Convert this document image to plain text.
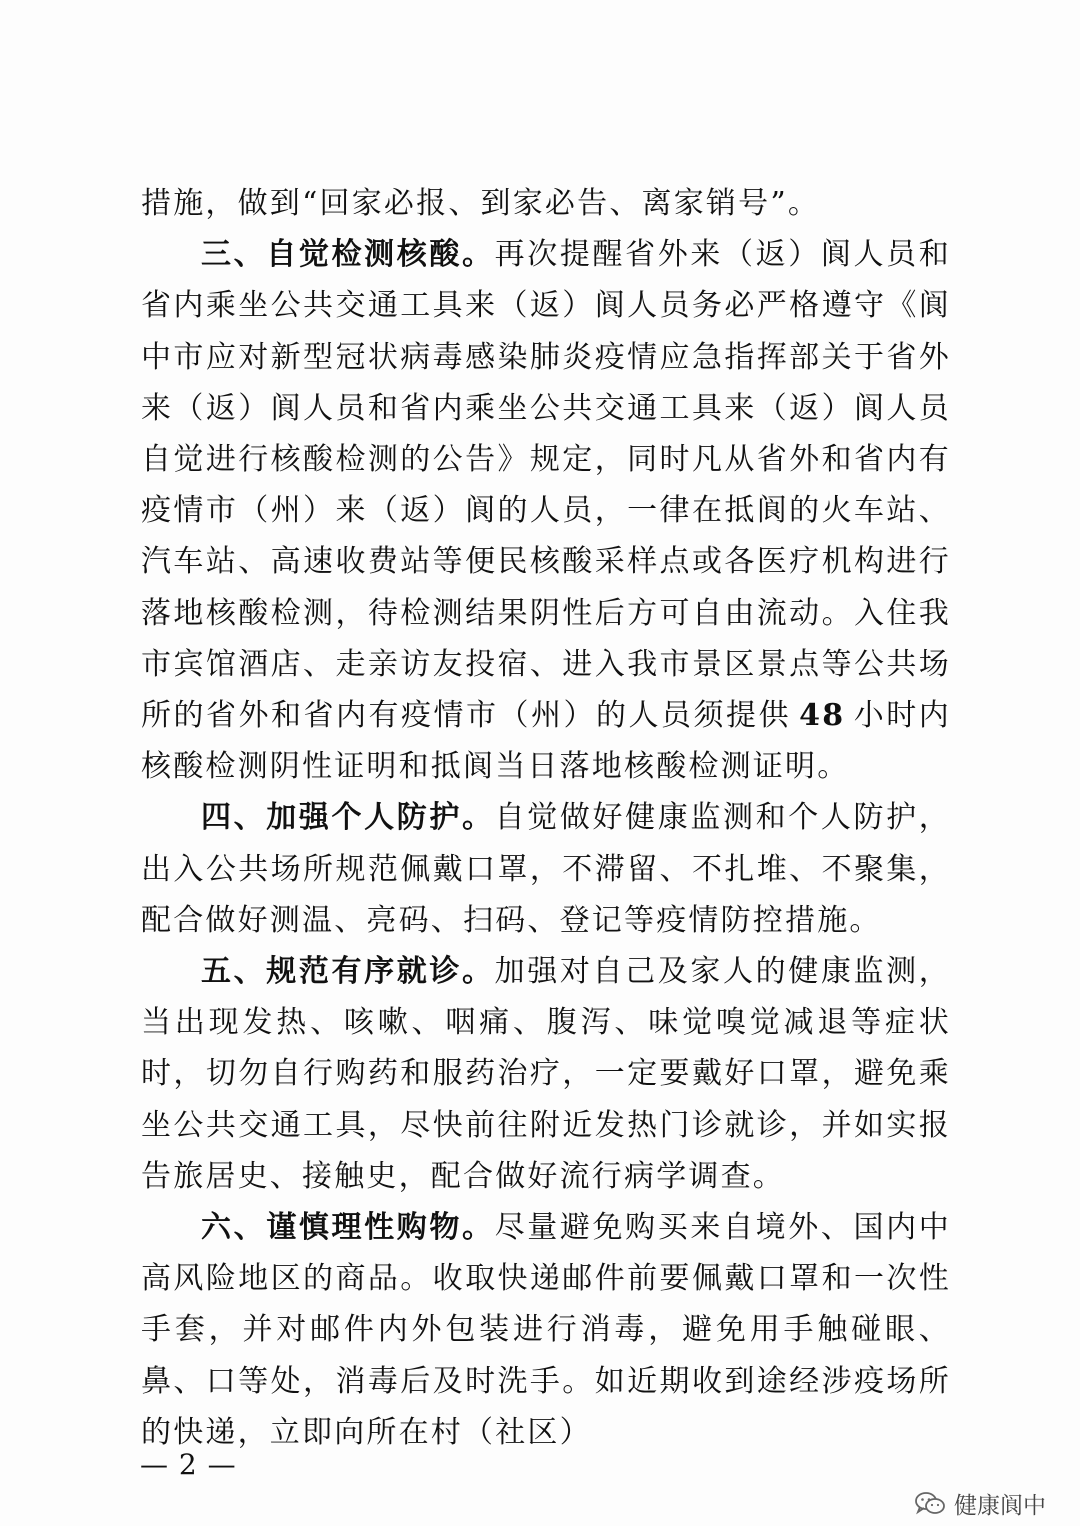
措施，做到“回家必报、到家必告、离家销号”。

三、自觉检测核酸。再次提醒省外来（返）阆人员和省内乘坐公共交通工具来（返）阆人员务必严格遵守《阆中市应对新型冠状病毒感染肺炎疫情应急指挥部关于省外来（返）阆人员和省内乘坐公共交通工具来（返）阆人员自觉进行核酸检测的公告》规定，同时凡从省外和省内有疫情市（州）来（返）阆的人员，一律在抵阆的火车站、汽车站、高速收费站等便民核酸采样点或各医疗机构进行落地核酸检测，待检测结果阴性后方可自由流动。入住我市宾馆酒店、走亲访友投宿、进入我市景区景点等公共场所的省外和省内有疫情市（州）的人员须提供  48  小时内核酸检测阴性证明和抵阆当日落地核酸检测证明。

四、加强个人防护。自觉做好健康监测和个人防护，出入公共场所规范佩戴口罩，不滞留、不扎堆、不聚集，配合做好测温、亮码、扫码、登记等疫情防控措施。

五、规范有序就诊。加强对自己及家人的健康监测，当出现发热、咳嗽、咽痛、腹泻、味觉嗅觉减退等症状时，切勿自行购药和服药治疗，一定要戴好口罩，避免乘坐公共交通工具，尽快前往附近发热门诊就诊，并如实报告旅居史、接触史，配合做好流行病学调查。

六、谨慎理性购物。尽量避免购买来自境外、国内中高风险地区的商品。收取快递邮件前要佩戴口罩和一次性手套，并对邮件内外包装进行消毒，避免用手触碰眼、鼻、口等处，消毒后及时洗手。如近期收到途经涉疫场所的快递，立即向所在村（社区）

— 2 —
健康阆中
